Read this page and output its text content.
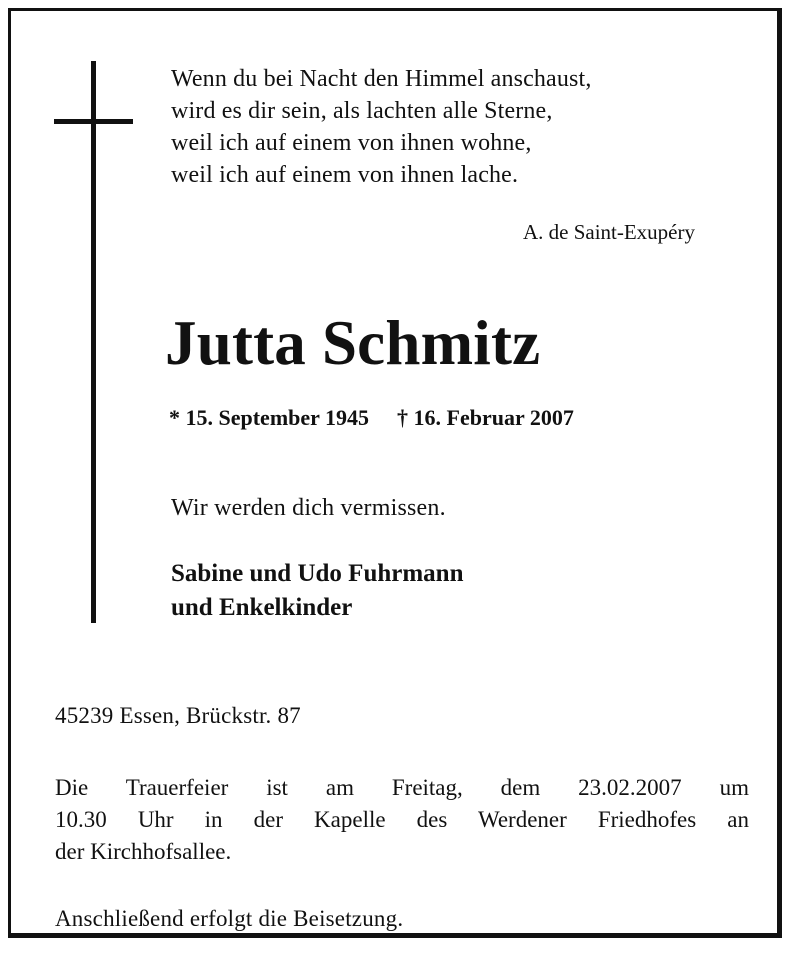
Wenn du bei Nacht den Himmel anschaust,
wird es dir sein, als lachten alle Sterne,
weil ich auf einem von ihnen wohne,
weil ich auf einem von ihnen lache.
A. de Saint-Exupéry
Jutta Schmitz
* 15. September 1945 † 16. Februar 2007
Wir werden dich vermissen.
Sabine und Udo Fuhrmann
und Enkelkinder
45239 Essen, Brückstr. 87
Die Trauerfeier ist am Freitag, dem 23.02.2007 um
10.30 Uhr in der Kapelle des Werdener Friedhofes an
der Kirchhofsallee.
Anschließend erfolgt die Beisetzung.
